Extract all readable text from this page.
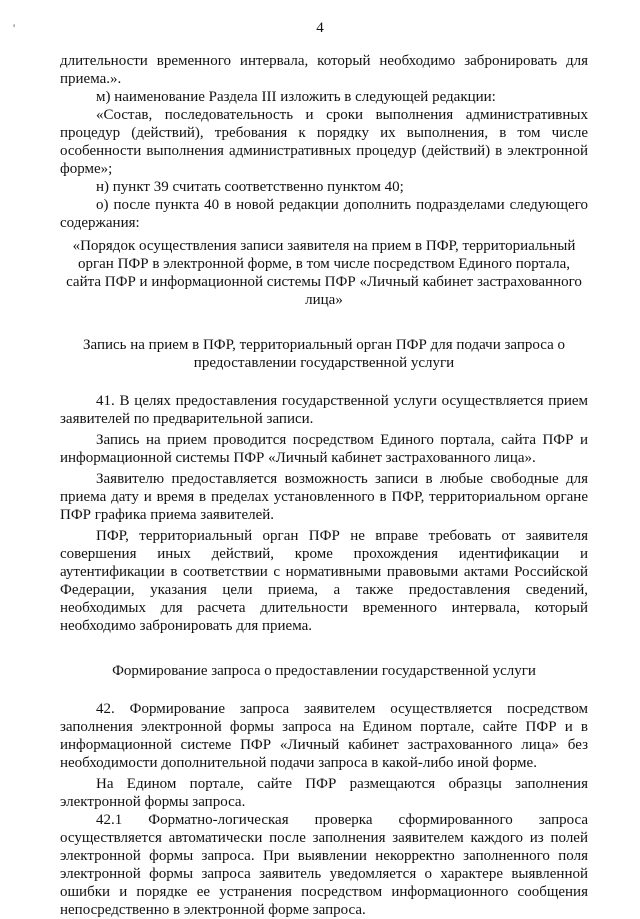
'	4

длительности временного интервала, который необходимо забронировать для приема.».

м) наименование Раздела III изложить в следующей редакции:

«Состав, последовательность и сроки выполнения административных процедур (действий), требования к порядку их выполнения, в том числе особенности выполнения административных процедур (действий) в электронной форме»;

н) пункт 39 считать соответственно пунктом 40;

о) после пункта 40 в новой редакции дополнить подразделами следующего содержания:

«Порядок осуществления записи заявителя на прием в ПФР, территориальный орган ПФР в электронной форме, в том числе посредством Единого портала, сайта ПФР и информационной системы ПФР «Личный кабинет застрахованного лица»

Запись на прием в ПФР, территориальный орган ПФР для подачи запроса о предоставлении государственной услуги

41. В целях предоставления государственной услуги осуществляется прием заявителей по предварительной записи.

Запись на прием проводится посредством Единого портала, сайта ПФР и информационной системы ПФР «Личный кабинет застрахованного лица».

Заявителю предоставляется возможность записи в любые свободные для приема дату и время в пределах установленного в ПФР, территориальном органе ПФР графика приема заявителей.

ПФР, территориальный орган ПФР не вправе требовать от заявителя совершения иных действий, кроме прохождения идентификации и аутентификации в соответствии с нормативными правовыми актами Российской Федерации, указания цели приема, а также предоставления сведений, необходимых для расчета длительности временного интервала, который необходимо забронировать для приема.

Формирование запроса о предоставлении государственной услуги

42. Формирование запроса заявителем осуществляется посредством заполнения электронной формы запроса на Едином портале, сайте ПФР и в информационной системе ПФР «Личный кабинет застрахованного лица» без необходимости дополнительной подачи запроса в какой-либо иной форме.

На Едином портале, сайте ПФР размещаются образцы заполнения электронной формы запроса.

42.1 Форматно-логическая проверка сформированного запроса осуществляется автоматически после заполнения заявителем каждого из полей электронной формы запроса. При выявлении некорректно заполненного поля электронной формы запроса заявитель уведомляется о характере выявленной ошибки и порядке ее устранения посредством информационного сообщения непосредственно в электронной форме запроса.
